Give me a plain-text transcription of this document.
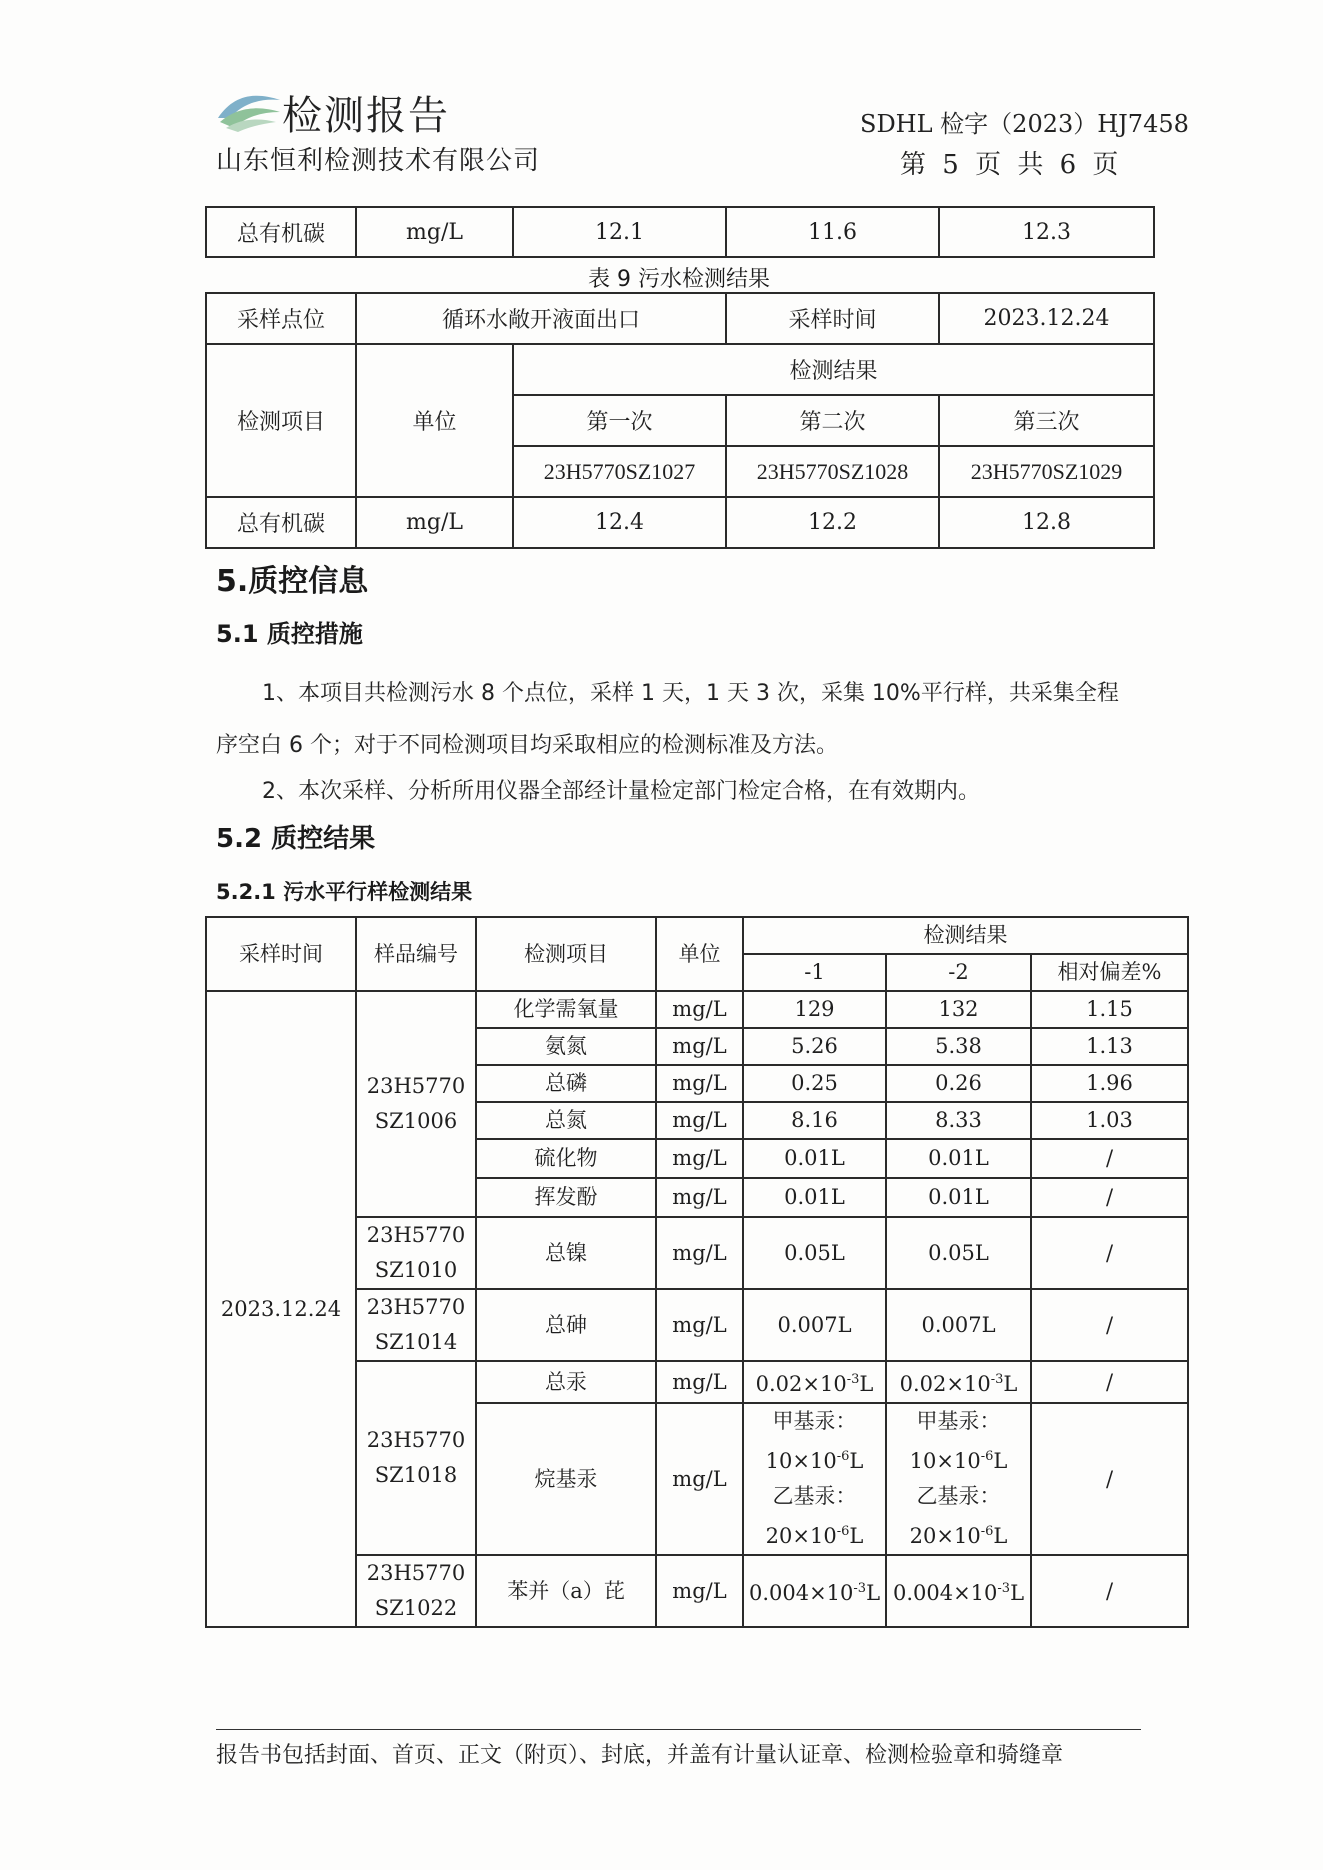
检测报告
山东恒利检测技术有限公司
SDHL 检字（2023）HJ7458
第 5 页 共 6 页
总有机碳	mg/L	12.1	11.6	12.3
表 9 污水检测结果
采样点位	循环水敞开液面出口		采样时间	2023.12.24
检测项目	单位	检测结果		
		第一次	第二次	第三次
		23H5770SZ1027	23H5770SZ1028	23H5770SZ1029
总有机碳	mg/L	12.4	12.2	12.8
5.质控信息
5.1 质控措施
1、本项目共检测污水 8 个点位，采样 1 天，1 天 3 次，采集 10%平行样，共采集全程
序空白 6 个；对于不同检测项目均采取相应的检测标准及方法。
2、本次采样、分析所用仪器全部经计量检定部门检定合格，在有效期内。
5.2 质控结果
5.2.1 污水平行样检测结果
采样时间	样品编号	检测项目	单位	检测结果		
				-1	-2	相对偏差%
2023.12.24	23H5770
SZ1006	化学需氧量	mg/L	129	132	1.15
		氨氮	mg/L	5.26	5.38	1.13
		总磷	mg/L	0.25	0.26	1.96
		总氮	mg/L	8.16	8.33	1.03
		硫化物	mg/L	0.01L	0.01L	/
		挥发酚	mg/L	0.01L	0.01L	/
	23H5770
SZ1010	总镍	mg/L	0.05L	0.05L	/
	23H5770
SZ1014	总砷	mg/L	0.007L	0.007L	/
	23H5770
SZ1018	总汞	mg/L	$0.02\times 10^{-3}L$	$0.02\times 10^{-3}L$	/
		烷基汞	mg/L	甲基汞：
$10\times 10^{-6}L$
乙基汞：
$20\times 10^{-6}L$	甲基汞：
$10\times 10^{-6}L$
乙基汞：
$20\times 10^{-6}L$	/
	23H5770
SZ1022	苯并（a）芘	mg/L	$0.004\times 10^{-3}L$	$0.004\times 10^{-3}L$	/
报告书包括封面、首页、正文（附页）、封底，并盖有计量认证章、检测检验章和骑缝章
